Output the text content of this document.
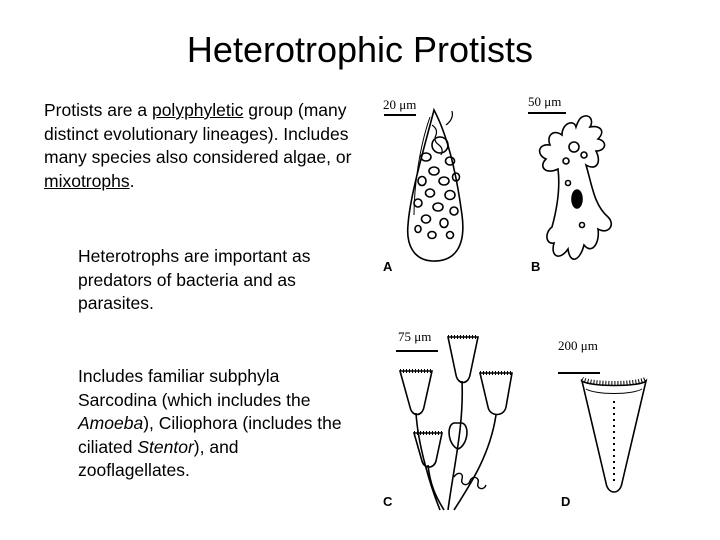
Heterotrophic Protists
Protists are a polyphyletic group (many distinct evolutionary lineages). Includes many species also considered algae, or mixotrophs.
Heterotrophs are important as predators of bacteria and as parasites.
Includes familiar subphyla Sarcodina (which includes the Amoeba), Ciliophora (includes the ciliated Stentor), and zooflagellates.
20 μm	50 μm
75 μm
200 μm
A	B
C	D
